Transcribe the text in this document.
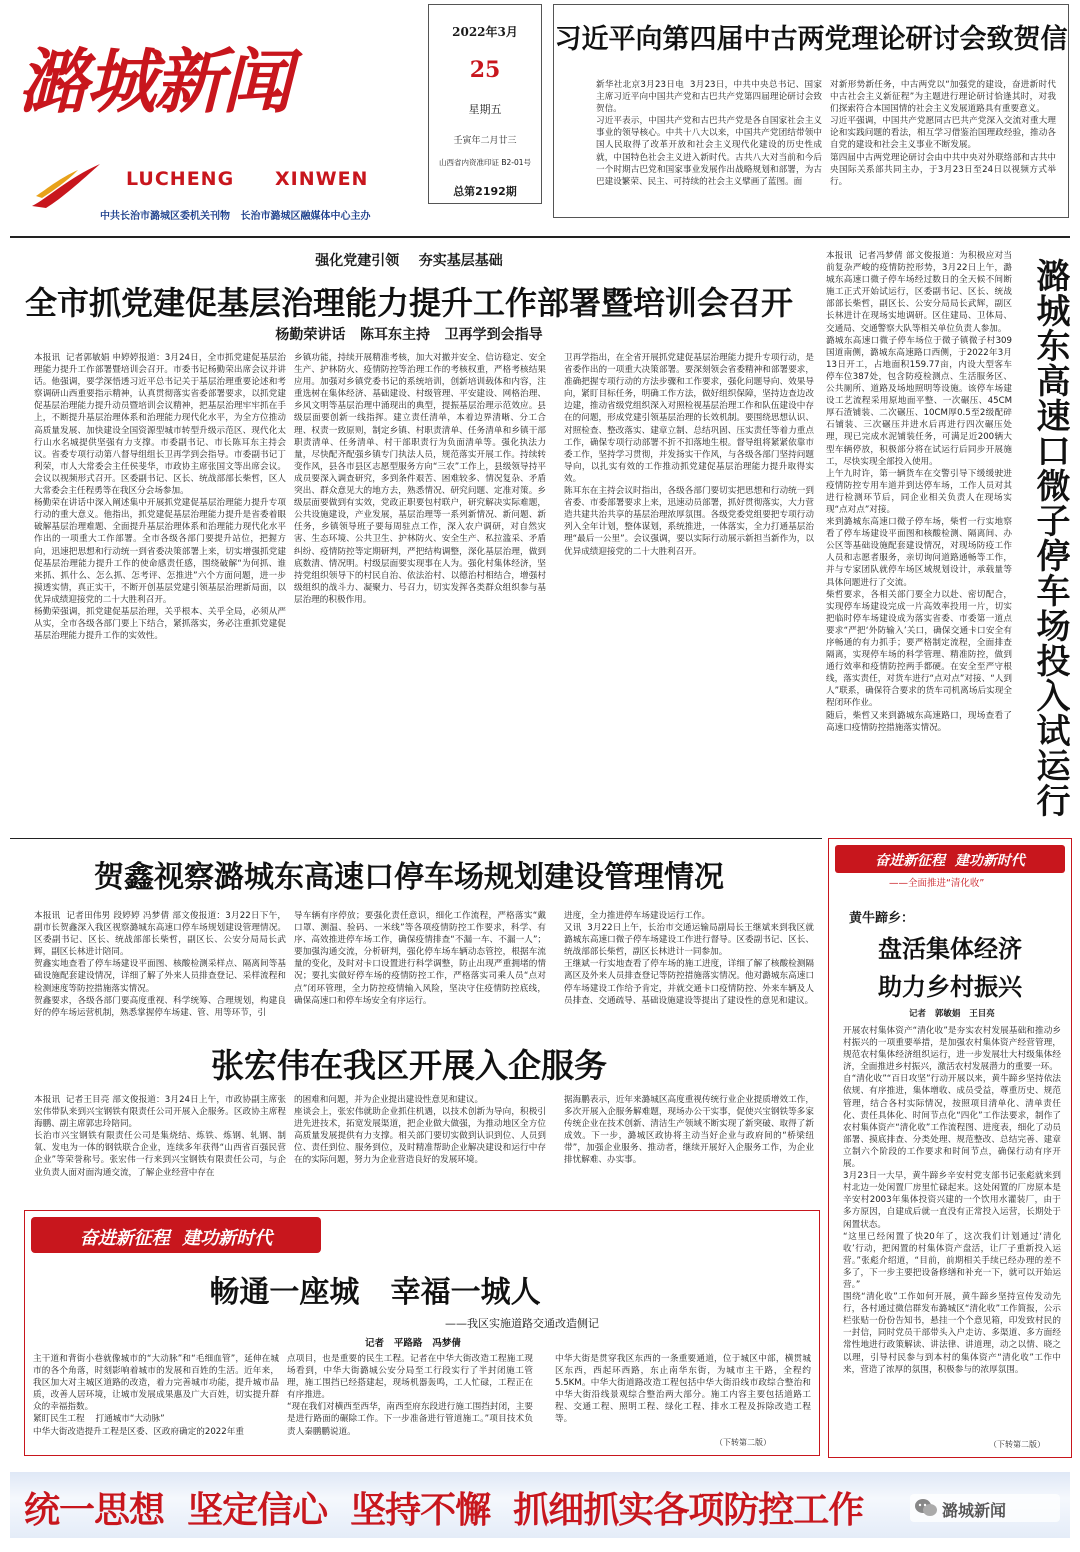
潞城新闻
LUCHENG XINWEN
中共长治市潞城区委机关刊物   长治市潞城区融媒体中心主办
2022年3月
25
星期五
壬寅年二月廿三
山西省内资准印证 B2-01号
总第2192期
习近平向第四届中古两党理论研讨会致贺信
新华社北京3月23日电  3月23日，中共中央总书记、国家主席习近平向中国共产党和古巴共产党第四届理论研讨会致贺信。
习近平表示，中国共产党和古巴共产党是各自国家社会主义事业的领导核心。中共十八大以来，中国共产党团结带领中国人民取得了改革开放和社会主义现代化建设的历史性成就，中国特色社会主义进入新时代。古共八大对当前和今后一个时期古巴党和国家事业发展作出战略规划和部署，为古巴建设繁荣、民主、可持续的社会主义擘画了蓝图。面
对新形势新任务，中古两党以“加强党的建设，奋进新时代中古社会主义新征程”为主题进行理论研讨恰逢其时，对我们探索符合本国国情的社会主义发展道路具有重要意义。
习近平强调，中国共产党愿同古巴共产党深入交流对重大理论和实践问题的看法，相互学习借鉴治国理政经验，推动各自党的建设和社会主义事业不断发展。
第四届中古两党理论研讨会由中共中央对外联络部和古共中央国际关系部共同主办，于3月23日至24日以视频方式举行。
强化党建引领    夯实基层基础
全市抓党建促基层治理能力提升工作部署暨培训会召开
杨勤荣讲话   陈耳东主持   卫再学到会指导
本报讯  记者郭敏娟 申婷婷报道：3月24日，全市抓党建促基层治理能力提升工作部署暨培训会召开。市委书记杨勤荣出席会议并讲话。他强调，要学深悟透习近平总书记关于基层治理重要论述和考察调研山西重要指示精神，认真贯彻落实省委部署要求，以抓党建促基层治理能力提升动员暨培训会议精神，把基层治理牢牢抓在手上，不断提升基层治理体系和治理能力现代化水平，为全方位推动高质量发展、加快建设全国资源型城市转型升级示范区、现代化太行山水名城提供坚强有力支撑。市委副书记、市长陈耳东主持会议。省委专项行动第八督导组组长卫再学到会指导。市委副书记丁利荣，市人大常委会主任侯斐华，市政协主席张国文等出席会议。会议以视频形式召开。区委副书记、区长、统战部部长柴哲，区人大常委会主任程勇等在我区分会场参加。
杨勤荣在讲话中深入阐述集中开展抓党建促基层治理能力提升专项行动的重大意义。他指出，抓党建促基层治理能力提升是省委着眼破解基层治理难题、全面提升基层治理体系和治理能力现代化水平作出的一项重大工作部署。全市各级各部门要提升站位，把握方向，迅速把思想和行动统一到省委决策部署上来，切实增强抓党建促基层治理能力提升工作的使命感责任感，围绕破解“为何抓、谁来抓、抓什么、怎么抓、怎考评、怎推进”六个方面问题，进一步摸透实情，真正实干，不断开创基层党建引领基层治理新局面，以优异成绩迎接党的二十大胜利召开。
杨勤荣强调，抓党建促基层治理，关乎根本、关乎全局，必须从严从实，全市各级各部门要上下结合，紧抓落实，务必注重抓党建促基层治理能力提升工作的实效性。
乡镇功能，持续开展精准考核，加大对撤并安全、信访稳定、安全生产、护林防火、疫情防控等治理工作的考核权重，严格考核结果应用。加强对乡镇党委书记的系统培训，创新培训载体和内容，注重选树在集体经济、基础建设、村级管理、平安建设、网格治理、乡风文明等基层治理中涌现出的典型，提振基层治理示范效应。县级层面要创新一线指挥。建立责任清单，本着边界清晰、分工合理、权责一致原则，制定乡镇、村职责清单、任务清单和乡镇干部职责清单、任务清单、村干部职责行为负面清单等。强化执法力量，尽快配齐配强乡镇专门执法人员，规范落实开展工作。持续转变作风，县各市县区志愿型服务方向“三农”工作上，县级领导持平成员要深入调查研究，多到条件艰苦、困难较多、情况复杂、矛盾突出、群众意见大的地方去，熟悉情况、研究问题、定准对策。乡级层面要做到有实效，党政正职要包村联户，研究解决实际难题，公共设施建设，产业发展，基层治理等一系列新情况、新问题、新任务，乡镇领导班子要每周驻点工作，深入农户调研，对自然灾害、生态环境、公共卫生、护林防火、安全生产、私拉滥采、矛盾纠纷、疫情防控等定期研判，严把结构调整，深化基层治理，做到底数清、情况明。村级层面要实现事在人为。强化村集体经济，坚持党组织领导下的村民自治、依法治村、以德治村相结合，增强村级组织的战斗力、凝聚力、号召力，切实发挥各类群众组织参与基层治理的积极作用。
卫再学指出，在全省开展抓党建促基层治理能力提升专项行动，是省委作出的一项重大决策部署。要深刻领会省委精神和部署要求，准确把握专项行动的方法步骤和工作要求，强化问题导向、效果导向，紧盯目标任务，明确工作方法，做好组织保障，坚持边查边改边建，推动省级党组织深入对照检视基层治理工作和队伍建设中存在的问题，形成党建引领基层治理的长效机制。要围绕思想认识、对照检查、整改落实、建章立制、总结巩固、压实责任等着力重点工作，确保专项行动部署不折不扣落地生根。督导组将紧紧依靠市委工作，坚持学习贯彻，并发扬实干作风，与各级各部门坚持问题导向，以扎实有效的工作推动抓党建促基层治理能力提升取得实效。
陈耳东在主持会议时指出，各级各部门要切实把思想和行动统一到省委、市委部署要求上来，迅速动员部署，抓好贯彻落实，大力营造共建共治共享的基层治理浓厚氛围。各级党委党组要把专项行动列入全年计划，整体谋划，系统推进，一体落实，全力打通基层治理“最后一公里”。会议强调，要以实际行动展示新担当新作为，以优异成绩迎接党的二十大胜利召开。
本报讯  记者冯梦倩 部文俊报道：为积极应对当前复杂严峻的疫情防控形势，3月22日上午，潞城东高速口微子停车场经过数日的全天候不间断施工正式开始试运行，区委副书记、区长、统战部部长柴哲，副区长、公安分局局长武辉，副区长林进计在现场实地调研。区住建局、卫体局、交通局、交通警察大队等相关单位负责人参加。
潞城东高速口微子停车场位于微子镇微子村309国道南侧，潞城东高速路口西侧，于2022年3月13日开工，占地面积159.77亩，内设大型客车停车位387处，包含防疫检测点、生活服务区、公共厕所、道路及场地照明等设施。该停车场建设工艺流程采用原地面平整、一次碾压、45CM厚石渣铺装、二次碾压、10CM厚0.5至2级配碎石铺装、三次碾压并进水后再进行四次碾压处理，现已完成水泥铺装任务，可满足近200辆大型车辆停放，积极部分将在试运行后同步开展施工，尽快实现全部投入使用。
上午九时许，第一辆货车在交警引导下缓缓驶进疫情防控专用车道并到达停车场，工作人员对其进行检测环节后，同企业相关负责人在现场实现“点对点”对接。
来到潞城东高速口微子停车场，柴哲一行实地察看了停车场建设平面图和核酸检测、隔离间、办公区等基础设施配套建设情况，对现场防疫工作人员和志愿者服务，亲切询问道路通畅等工作，并与专家团队就停车场区域规划设计，承载量等具体问题进行了交流。
柴哲要求，各相关部门要全力以赴、密切配合，实现停车场建设完成一片高效率投用一片，切实把临时停车场建设成为落实省委、市委第一道点要求“严把‘外防输入’关口，确保交通卡口安全有序畅通的有力抓手；要严格制定流程，全面排查隔离，实现停车场的科学管理、精准防控，做到通行效率和疫情防控两手都硬。在安全至严守根线，落实责任，对货车进行“点对点”对接、“人到人”联系，确保符合要求的货车司机离场后实现全程闭环作业。
随后，柴哲又来到潞城东高速路口，现场查看了高速口疫情防控措施落实情况。	潞城东高速口微子停车场投入试运行
贺鑫视察潞城东高速口停车场规划建设管理情况
本报讯  记者田伟男 段婷婷 冯梦倩 部文俊报道：3月22日下午，副市长贺鑫深入我区视察潞城东高速口停车场规划建设管理情况。区委副书记、区长、统战部部长柴哲，副区长、公安分局局长武辉，副区长林进计陪同。
贺鑫实地查看了停车场建设平面图、核酸检测采样点、隔离间等基础设施配套建设情况，详细了解了外来人员排查登记、采样流程和检测速度等防控措施落实情况。
贺鑫要求，各级各部门要高度重视、科学统筹、合理规划，构建良好的停车场运营机制，熟悉掌握停车场建、管、用等环节，引
导车辆有序停放；要强化责任意识，细化工作流程，严格落实“戴口罩、测温、验码、一米线”等各项疫情防控工作要求，科学、有序、高效推进停车场工作，确保疫情排查“不漏一车、不漏一人”；要加强沟通交流，分析研判，强化停车场车辆动态管控，根据车流量的变化，及时对卡口设置进行科学调整，防止出现严重拥堵的情况；要扎实做好停车场的疫情防控工作，严格落实司乘人员“点对点”闭环管理，全力防控疫情输入风险，坚决守住疫情防控底线，确保高速口和停车场安全有序运行。
进度，全力推进停车场建设运行工作。
又讯  3月22日上午，长治市交通运输局副局长王继斌来到我区就潞城东高速口微子停车场建设工作进行督导。区委副书记、区长、统战部部长柴哲，副区长林进计一同参加。
王继斌一行实地查看了停车场的施工进度，详细了解了核酸检测隔离区及外来人员排查登记等防控措施落实情况。他对潞城东高速口停车场建设工作给予肯定，并就交通卡口疫情防控、外来车辆及人员排查、交通疏导、基础设施建设等提出了建设性的意见和建议。
张宏伟在我区开展入企服务
本报讯  记者王目亮 部文俊报道：3月24日上午，市政协副主席张宏伟带队来到兴宝钢铁有限责任公司开展入企服务。区政协主席程海鹏、副主席郭忠玲陪同。
长治市兴宝钢铁有限责任公司是集烧结、炼铁、炼钢、轧钢、制氧、发电为一体的钢铁联合企业，连续多年获得“山西省百强民营企业”等荣誉称号。张宏伟一行来到兴宝钢铁有限责任公司，与企业负责人面对面沟通交流，了解企业经营中存在
的困难和问题，并为企业提出建设性意见和建议。
座谈会上，张宏伟就助企业抓住机遇，以技术创新为导向，积极引进先进技术，拓宽发展渠道，把企业做大做强，为推动地区全方位高质量发展提供有力支撑。相关部门要切实做到认识到位、人员到位、责任到位、服务到位，及时精准帮助企业解决建设和运行中存在的实际问题，努力为企业营造良好的发展环境。
据海鹏表示，近年来潞城区高度重视传统行业企业提质增效工作，多次开展入企服务解难题，现场办公干实事，促使兴宝钢铁等多家传统企业在技术创新、清洁生产领域不断实现了新突破、取得了新成效。下一步，潞城区政协将主动当好企业与政府间的“桥梁纽带”，加强企业服务、推动者，继续开展好入企服务工作，为企业排忧解难、办实事。
奋进新征程  建功新时代
畅通一座城   幸福一城人
——我区实施道路交通改造侧记
记者   平路路   冯梦倩
主干道和背街小巷就像城市的“大动脉”和“毛细血管”，延伸在城市的各个角落，时刻影响着城市的发展和百姓的生活。近年来，我区加大对主城区道路的改造，着力完善城市功能，提升城市品质，改善人居环境，让城市发展成果惠及广大百姓，切实提升群众的幸福指数。
紧盯民生工程    打通城市“大动脉”
中华大街改造提升工程是区委、区政府确定的2022年重
点项目，也是重要的民生工程。记者在中华大街改造工程施工现场看到，中华大街潞城公安分局至工行段实行了半封闭施工管理，施工围挡已经搭建起，现场机器轰鸣，工人忙碌，工程正在有序推进。
“现在我们对横西至西华，南西至府东段进行施工围挡封闭，主要是进行路面的碾除工作。下一步准备进行管道施工。”项目技术负责人秦鹏鹏说道。
中华大街是贯穿我区东西的一条重要通道，位于城区中部，横贯城区东西，西起环西路，东止南华东街，为城市主干路，全程约5.5KM。中华大街道路改造工程包括中华大街沿线市政综合整治和中华大街沿线景观综合整治两大部分。施工内容主要包括道路工程、交通工程、照明工程、绿化工程、排水工程及拆除改造工程等。
（下转第二版）
奋进新征程  建功新时代
——全面推进“清化收”
黄牛蹄乡：
盘活集体经济
助力乡村振兴
记者   郭敏娟   王目亮
开展农村集体资产“清化收”是夯实农村发展基础和推动乡村振兴的一项重要举措，是加强农村集体资产经营管理，规范农村集体经济组织运行，进一步发展壮大村级集体经济，全面推进乡村振兴，激活农村发展潜力的重要一环。
自“清化收”“百日攻坚”行动开展以来，黄牛蹄乡坚持依法依规、有序推进，集体增收、成员受益，尊重历史、规范管理，结合各村实际情况，按照项目清单化、清单责任化、责任具体化、时间节点化“四化”工作法要求，制作了农村集体资产“清化收”工作流程图、进度表，细化了动员部署、摸底排查、分类处理、规范整改、总结完善、建章立制六个阶段的工作要求和时间节点，确保行动有序开展。
3月23日一大早，黄牛蹄乡辛安村党支部书记张彪就来到村北边一处闲置厂房里忙碌起来。这处闲置的厂房原本是辛安村2003年集体投资兴建的一个饮用水灌装厂，由于多方原因，自建成后就一直没有正常投入运营，长期处于闲置状态。
“这里已经闲置了快20年了，这次我们计划通过‘清化收’行动，把闲置的村集体资产盘活，让厂子重新投入运营。”张彪介绍道，“目前，前期相关手续已经办理的差不多了，下一步主要把设备修缮和补充一下，就可以开始运营。”
围绕“清化收”工作如何开展，黄牛蹄乡坚持宣传发动先行，各村通过微信群发布潞城区“清化收”工作简报，公示栏张贴一份份告知书，悬挂一个个意见箱，印发致村民的一封信，同时党员干部带头入户走访、多渠道、多方面经常性地进行政策解读、讲法律、讲道理，动之以情、晓之以理，引导村民参与到本村的集体资产“清化收”工作中来，营造了浓厚的氛围，积极参与的浓厚氛围。
（下转第二版）
统一思想  坚定信心  坚持不懈  抓细抓实各项防控工作	潞城新闻
